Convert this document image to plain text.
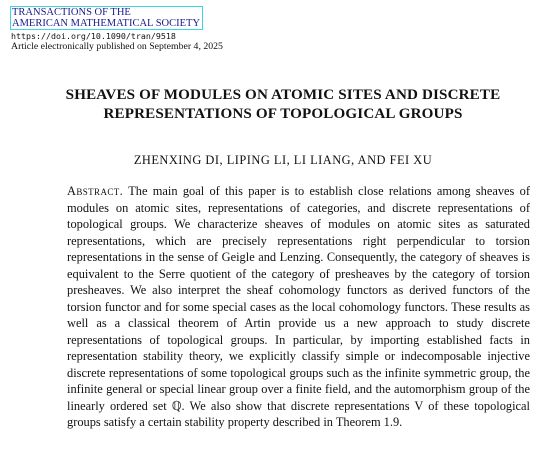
TRANSACTIONS OF THE
AMERICAN MATHEMATICAL SOCIETY
https://doi.org/10.1090/tran/9518
Article electronically published on September 4, 2025
SHEAVES OF MODULES ON ATOMIC SITES AND DISCRETE
REPRESENTATIONS OF TOPOLOGICAL GROUPS
ZHENXING DI, LIPING LI, LI LIANG, AND FEI XU
Abstract. The main goal of this paper is to establish close relations among sheaves of modules on atomic sites, representations of categories, and discrete representations of topological groups. We characterize sheaves of modules on atomic sites as saturated representations, which are precisely representations right perpendicular to torsion representations in the sense of Geigle and Lenzing. Consequently, the category of sheaves is equivalent to the Serre quotient of the category of presheaves by the category of torsion presheaves. We also interpret the sheaf cohomology functors as derived functors of the torsion functor and for some special cases as the local cohomology functors. These results as well as a classical theorem of Artin provide us a new approach to study discrete representations of topological groups. In particular, by importing established facts in representation stability theory, we explicitly classify simple or indecomposable injective discrete representations of some topological groups such as the infinite symmetric group, the infinite general or special linear group over a finite field, and the automorphism group of the linearly ordered set ℚ. We also show that discrete representations V of these topological groups satisfy a certain stability property described in Theorem 1.9.
